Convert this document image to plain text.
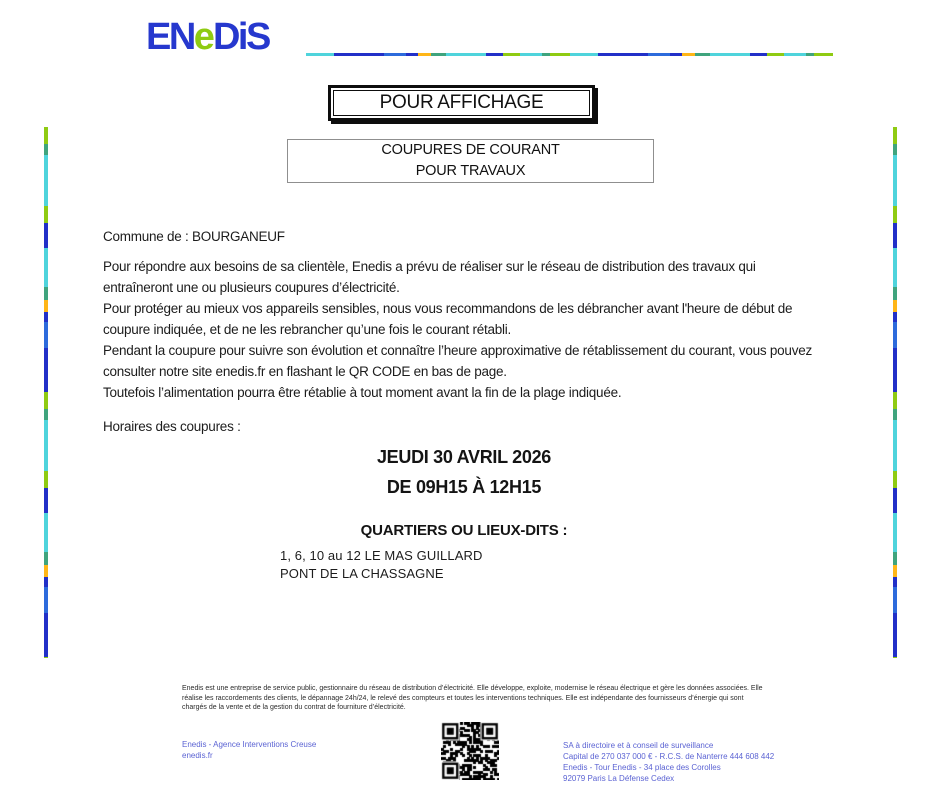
ENeDiS
POUR AFFICHAGE
COUPURES DE COURANT
POUR TRAVAUX
Commune de : BOURGANEUF
Pour répondre aux besoins de sa clientèle, Enedis a prévu de réaliser sur le réseau de distribution des travaux qui entraîneront une ou plusieurs coupures d’électricité.
Pour protéger au mieux vos appareils sensibles, nous vous recommandons de les débrancher avant l'heure de début de coupure indiquée, et de ne les rebrancher qu’une fois le courant rétabli.
Pendant la coupure pour suivre son évolution et connaître l’heure approximative de rétablissement du courant, vous pouvez consulter notre site enedis.fr en flashant le QR CODE en bas de page.
Toutefois l’alimentation pourra être rétablie à tout moment avant la fin de la plage indiquée.
Horaires des coupures :
JEUDI 30 AVRIL 2026
DE 09H15 À 12H15
QUARTIERS OU LIEUX-DITS :
1, 6, 10 au 12 LE MAS GUILLARD
PONT DE LA CHASSAGNE
Enedis est une entreprise de service public, gestionnaire du réseau de distribution d’électricité. Elle développe, exploite, modernise le réseau électrique et gère les données associées. Elle réalise les raccordements des clients, le dépannage 24h/24, le relevé des compteurs et toutes les interventions techniques. Elle est indépendante des fournisseurs d’énergie qui sont chargés de la vente et de la gestion du contrat de fourniture d’électricité.
Enedis - Agence Interventions Creuse
enedis.fr
SA à directoire et à conseil de surveillance
Capital de 270 037 000 € - R.C.S. de Nanterre 444 608 442
Enedis - Tour Enedis - 34 place des Corolles
92079 Paris La Défense Cedex
